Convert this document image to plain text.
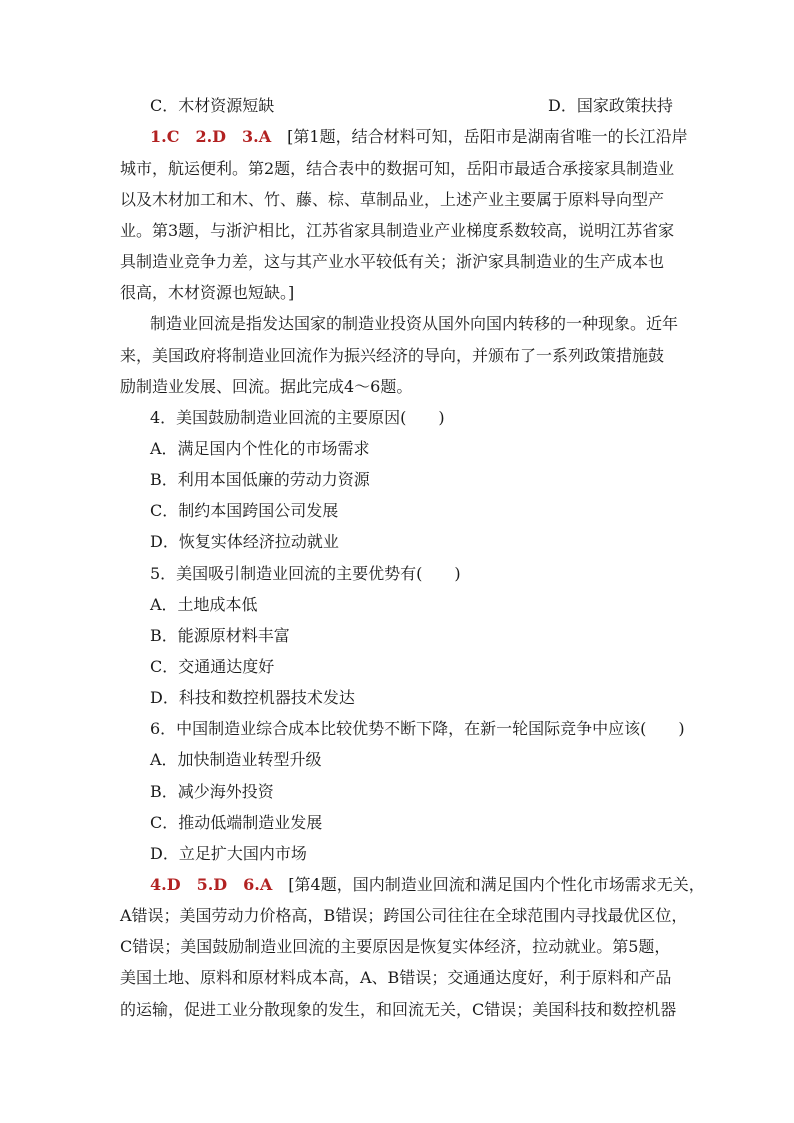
C．木材资源短缺	D．国家政策扶持
1.C　2.D　3.A　[第1题，结合材料可知，岳阳市是湖南省唯一的长江沿岸
城市，航运便利。第2题，结合表中的数据可知，岳阳市最适合承接家具制造业
以及木材加工和木、竹、藤、棕、草制品业，上述产业主要属于原料导向型产
业。第3题，与浙沪相比，江苏省家具制造业产业梯度系数较高，说明江苏省家
具制造业竞争力差，这与其产业水平较低有关；浙沪家具制造业的生产成本也
很高，木材资源也短缺。]
制造业回流是指发达国家的制造业投资从国外向国内转移的一种现象。近年
来，美国政府将制造业回流作为振兴经济的导向，并颁布了一系列政策措施鼓
励制造业发展、回流。据此完成4～6题。
4．美国鼓励制造业回流的主要原因(　　)
A．满足国内个性化的市场需求
B．利用本国低廉的劳动力资源
C．制约本国跨国公司发展
D．恢复实体经济拉动就业
5．美国吸引制造业回流的主要优势有(　　)
A．土地成本低
B．能源原材料丰富
C．交通通达度好
D．科技和数控机器技术发达
6．中国制造业综合成本比较优势不断下降，在新一轮国际竞争中应该(　　)
A．加快制造业转型升级
B．减少海外投资
C．推动低端制造业发展
D．立足扩大国内市场
4.D　5.D　6.A　[第4题，国内制造业回流和满足国内个性化市场需求无关，
A错误；美国劳动力价格高，B错误；跨国公司往往在全球范围内寻找最优区位，
C错误；美国鼓励制造业回流的主要原因是恢复实体经济，拉动就业。第5题，
美国土地、原料和原材料成本高，A、B错误；交通通达度好，利于原料和产品
的运输，促进工业分散现象的发生，和回流无关，C错误；美国科技和数控机器
